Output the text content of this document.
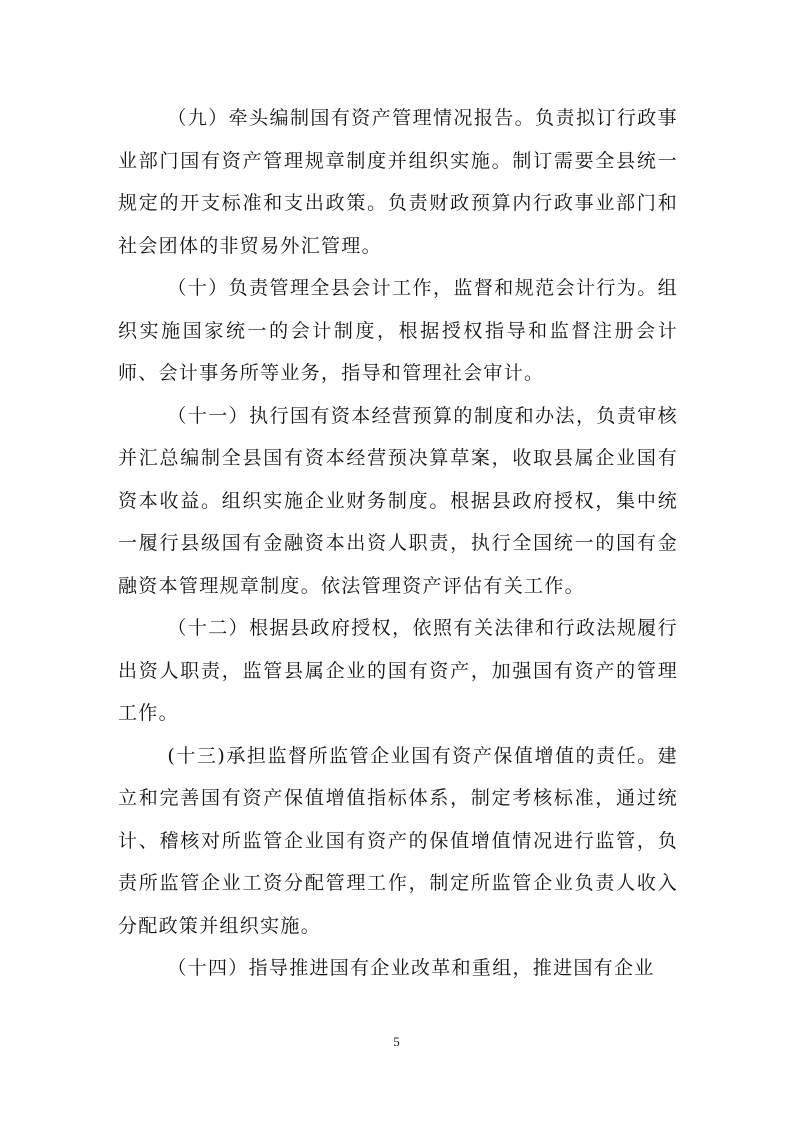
（九）牵头编制国有资产管理情况报告。负责拟订行政事业部门国有资产管理规章制度并组织实施。制订需要全县统一规定的开支标准和支出政策。负责财政预算内行政事业部门和社会团体的非贸易外汇管理。

（十）负责管理全县会计工作，监督和规范会计行为。组织实施国家统一的会计制度，根据授权指导和监督注册会计师、会计事务所等业务，指导和管理社会审计。

（十一）执行国有资本经营预算的制度和办法，负责审核并汇总编制全县国有资本经营预决算草案，收取县属企业国有资本收益。组织实施企业财务制度。根据县政府授权，集中统一履行县级国有金融资本出资人职责，执行全国统一的国有金融资本管理规章制度。依法管理资产评估有关工作。

（十二）根据县政府授权，依照有关法律和行政法规履行出资人职责，监管县属企业的国有资产，加强国有资产的管理工作。

(十三)承担监督所监管企业国有资产保值增值的责任。建立和完善国有资产保值增值指标体系，制定考核标准，通过统计、稽核对所监管企业国有资产的保值增值情况进行监管，负责所监管企业工资分配管理工作，制定所监管企业负责人收入分配政策并组织实施。

（十四）指导推进国有企业改革和重组，推进国有企业

5
